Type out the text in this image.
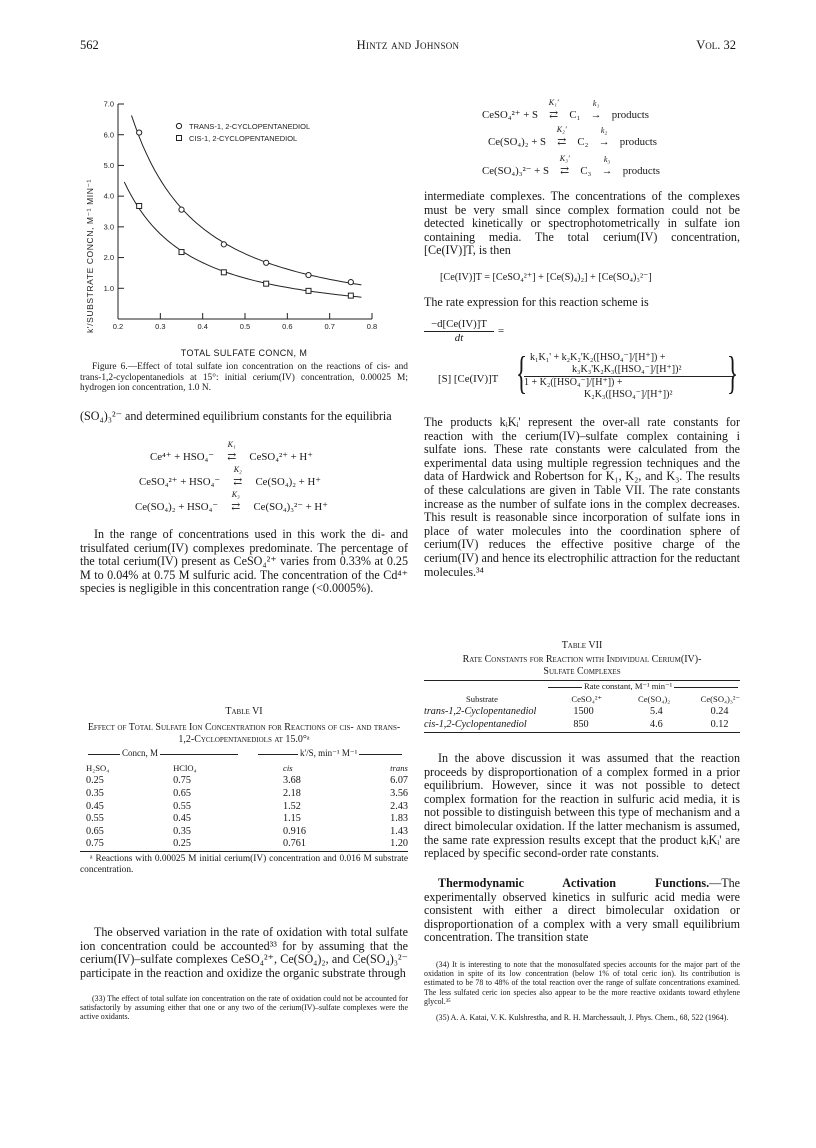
562	Hintz and Johnson	Vol. 32
1.0
2.0
3.0
4.0
5.0
6.0
7.0
0.2	0.3	0.4	0.5	0.6	0.7	0.8
k'/SUBSTRATE CONCN, M⁻¹ MIN⁻¹
TRANS-1, 2-CYCLOPENTANEDIOL
CIS-1, 2-CYCLOPENTANEDIOL
TOTAL SULFATE CONCN, M

Figure 6.—Effect of total sulfate ion concentration on the reactions of cis- and trans-1,2-cyclopentanediols at 15°: initial cerium(IV) concentration, 0.00025 M; hydrogen ion concentration, 1.0 N.

(SO₄)₃²⁻ and determined equilibrium constants for the equilibria

Ce⁴⁺ + HSO₄⁻
K₁
⇄ CeSO₄²⁺ + H⁺
CeSO₄²⁺ + HSO₄⁻
K₂
⇄ Ce(SO₄)₂ + H⁺
Ce(SO₄)₂ + HSO₄⁻
K₃
⇄ Ce(SO₄)₃²⁻ + H⁺

In the range of concentrations used in this work the di- and trisulfated cerium(IV) complexes predominate. The percentage of the total cerium(IV) present as CeSO₄²⁺ varies from 0.33% at 0.25 M to 0.04% at 0.75 M sulfuric acid. The concentration of the Cd⁴⁺ species is negligible in this concentration range (<0.0005%).

Table VI
Effect of Total Sulfate Ion Concentration for Reactions of cis- and trans-1,2-Cyclopentanediols at 15.0°ᵃ
Concn, M	k'/S, min⁻¹ M⁻¹
H₂SO₄	HClO₄	cis	trans
0.25	0.75	3.68	6.07
0.35	0.65	2.18	3.56
0.45	0.55	1.52	2.43
0.55	0.45	1.15	1.83
0.65	0.35	0.916	1.43
0.75	0.25	0.761	1.20

ᵃ Reactions with 0.00025 M initial cerium(IV) concentration and 0.016 M substrate concentration.

The observed variation in the rate of oxidation with total sulfate ion concentration could be accounted³³ for by assuming that the cerium(IV)–sulfate complexes CeSO₄²⁺, Ce(SO₄)₂, and Ce(SO₄)₃²⁻ participate in the reaction and oxidize the organic substrate through

(33) The effect of total sulfate ion concentration on the rate of oxidation could not be accounted for satisfactorily by assuming either that one or any two of the cerium(IV)–sulfate complexes were the active oxidants.

CeSO₄²⁺ + S
K₁'
⇄ C₁
k₁
→ products
Ce(SO₄)₂ + S
K₂'
⇄ C₂
k₂
→ products
Ce(SO₄)₃²⁻ + S
K₃'
⇄ C₃
k₃
→ products

intermediate complexes. The concentrations of the complexes must be very small since complex formation could not be detected kinetically or spectrophotometrically in sulfate ion containing media. The total cerium(IV) concentration, [Ce(IV)]T, is then

[Ce(IV)]T = [CeSO₄²⁺] + [Ce(S)₄)₂] + [Ce(SO₄)₃²⁻]

The rate expression for this reaction scheme is

−d[Ce(IV)]T
dt
=
[S] [Ce(IV)]T {	}
k₁K₁' + k₂K₂'K₂([HSO₄⁻]/[H⁺]) +
k₃K₃'K₂K₃([HSO₄⁻]/[H⁺])²
1 + K₂([HSO₄⁻]/[H⁺]) +
K₂K₃([HSO₄⁻]/[H⁺])²

The products kᵢKᵢ' represent the over-all rate constants for reaction with the cerium(IV)–sulfate complex containing i sulfate ions. These rate constants were calculated from the experimental data using multiple regression techniques and the data of Hardwick and Robertson for K₁, K₂, and K₃. The results of these calculations are given in Table VII. The rate constants increase as the number of sulfate ions in the complex decreases. This result is reasonable since incorporation of sulfate ions in place of water molecules into the coordination sphere of cerium(IV) reduces the effective positive charge of the cerium(IV) and hence its electrophilic attraction for the reductant molecules.³⁴

Table VII
Rate Constants for Reaction with Individual Cerium(IV)-Sulfate Complexes
Rate constant, M⁻¹ min⁻¹
Substrate	CeSO₄²⁺	Ce(SO₄)₂	Ce(SO₄)₃²⁻
trans-1,2-Cyclopentanediol	1500	5.4	0.24
cis-1,2-Cyclopentanediol	850	4.6	0.12

In the above discussion it was assumed that the reaction proceeds by disproportionation of a complex formed in a prior equilibrium. However, since it was not possible to detect complex formation for the reaction in sulfuric acid media, it is not possible to distinguish between this type of mechanism and a direct bimolecular oxidation. If the latter mechanism is assumed, the same rate expression results except that the product kᵢKᵢ' are replaced by specific second-order rate constants.

Thermodynamic Activation Functions.—The experimentally observed kinetics in sulfuric acid media were consistent with either a direct bimolecular oxidation or disproportionation of a complex with a very small equilibrium concentration. The transition state

(34) It is interesting to note that the monosulfated species accounts for the major part of the oxidation in spite of its low concentration (below 1% of total ceric ion). Its contribution is estimated to be 78 to 48% of the total reaction over the range of sulfate concentrations examined. The less sulfated ceric ion species also appear to be the more reactive oxidants toward ethylene glycol.³⁵

(35) A. A. Katai, V. K. Kulshrestha, and R. H. Marchessault, J. Phys. Chem., 68, 522 (1964).
